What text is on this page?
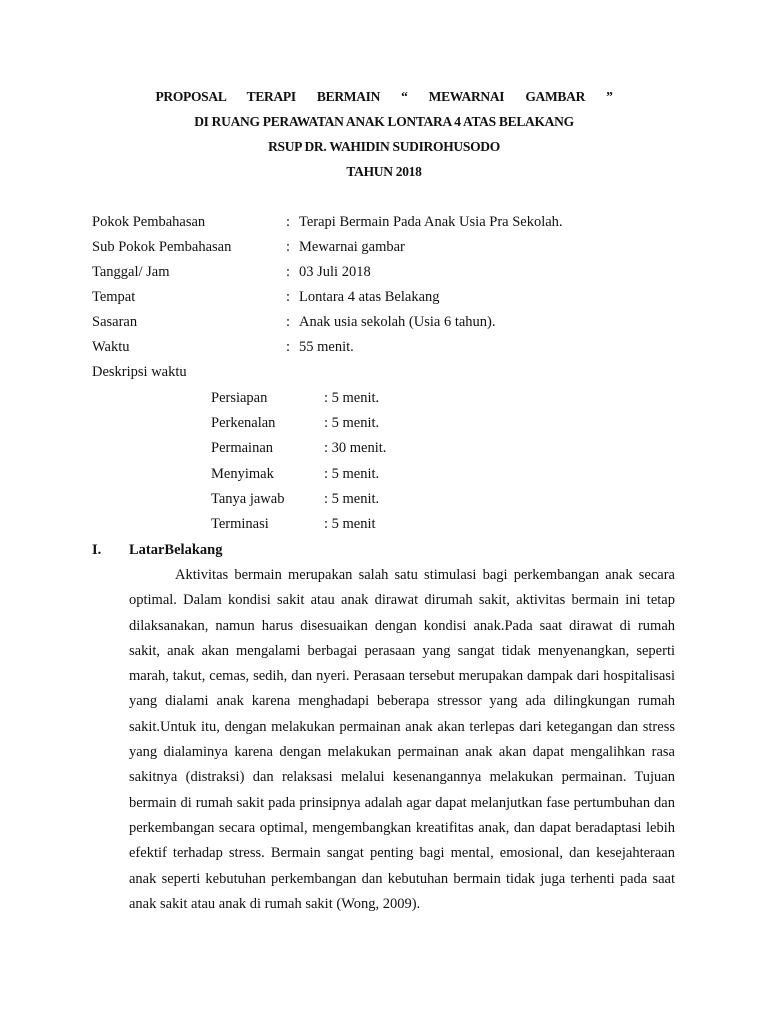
PROPOSAL TERAPI BERMAIN “ MEWARNAI GAMBAR ”
DI RUANG PERAWATAN ANAK LONTARA 4 ATAS BELAKANG
RSUP DR. WAHIDIN SUDIROHUSODO
TAHUN 2018
Pokok Pembahasan	: Terapi Bermain Pada Anak Usia Pra Sekolah.
Sub Pokok Pembahasan	: Mewarnai gambar
Tanggal/ Jam	: 03 Juli 2018
Tempat	: Lontara 4 atas Belakang
Sasaran	: Anak usia sekolah (Usia 6 tahun).
Waktu	: 55 menit.
Deskripsi waktu
Persiapan	: 5 menit.
Perkenalan	: 5 menit.
Permainan	: 30 menit.
Menyimak	: 5 menit.
Tanya jawab	: 5 menit.
Terminasi	: 5 menit
I. LatarBelakang

Aktivitas bermain merupakan salah satu stimulasi bagi perkembangan anak secara optimal. Dalam kondisi sakit atau anak dirawat dirumah sakit, aktivitas bermain ini tetap dilaksanakan, namun harus disesuaikan dengan kondisi anak.Pada saat dirawat di rumah sakit, anak akan mengalami berbagai perasaan yang sangat tidak menyenangkan, seperti marah, takut, cemas, sedih, dan nyeri. Perasaan tersebut merupakan dampak dari hospitalisasi yang dialami anak karena menghadapi beberapa stressor yang ada dilingkungan rumah sakit.Untuk itu, dengan melakukan permainan anak akan terlepas dari ketegangan dan stress yang dialaminya karena dengan melakukan permainan anak akan dapat mengalihkan rasa sakitnya (distraksi) dan relaksasi melalui kesenangannya melakukan permainan. Tujuan bermain di rumah sakit pada prinsipnya adalah agar dapat melanjutkan fase pertumbuhan dan perkembangan secara optimal, mengembangkan kreatifitas anak, dan dapat beradaptasi lebih efektif terhadap stress. Bermain sangat penting bagi mental, emosional, dan kesejahteraan anak seperti kebutuhan perkembangan dan kebutuhan bermain tidak juga terhenti pada saat anak sakit atau anak di rumah sakit (Wong, 2009).
